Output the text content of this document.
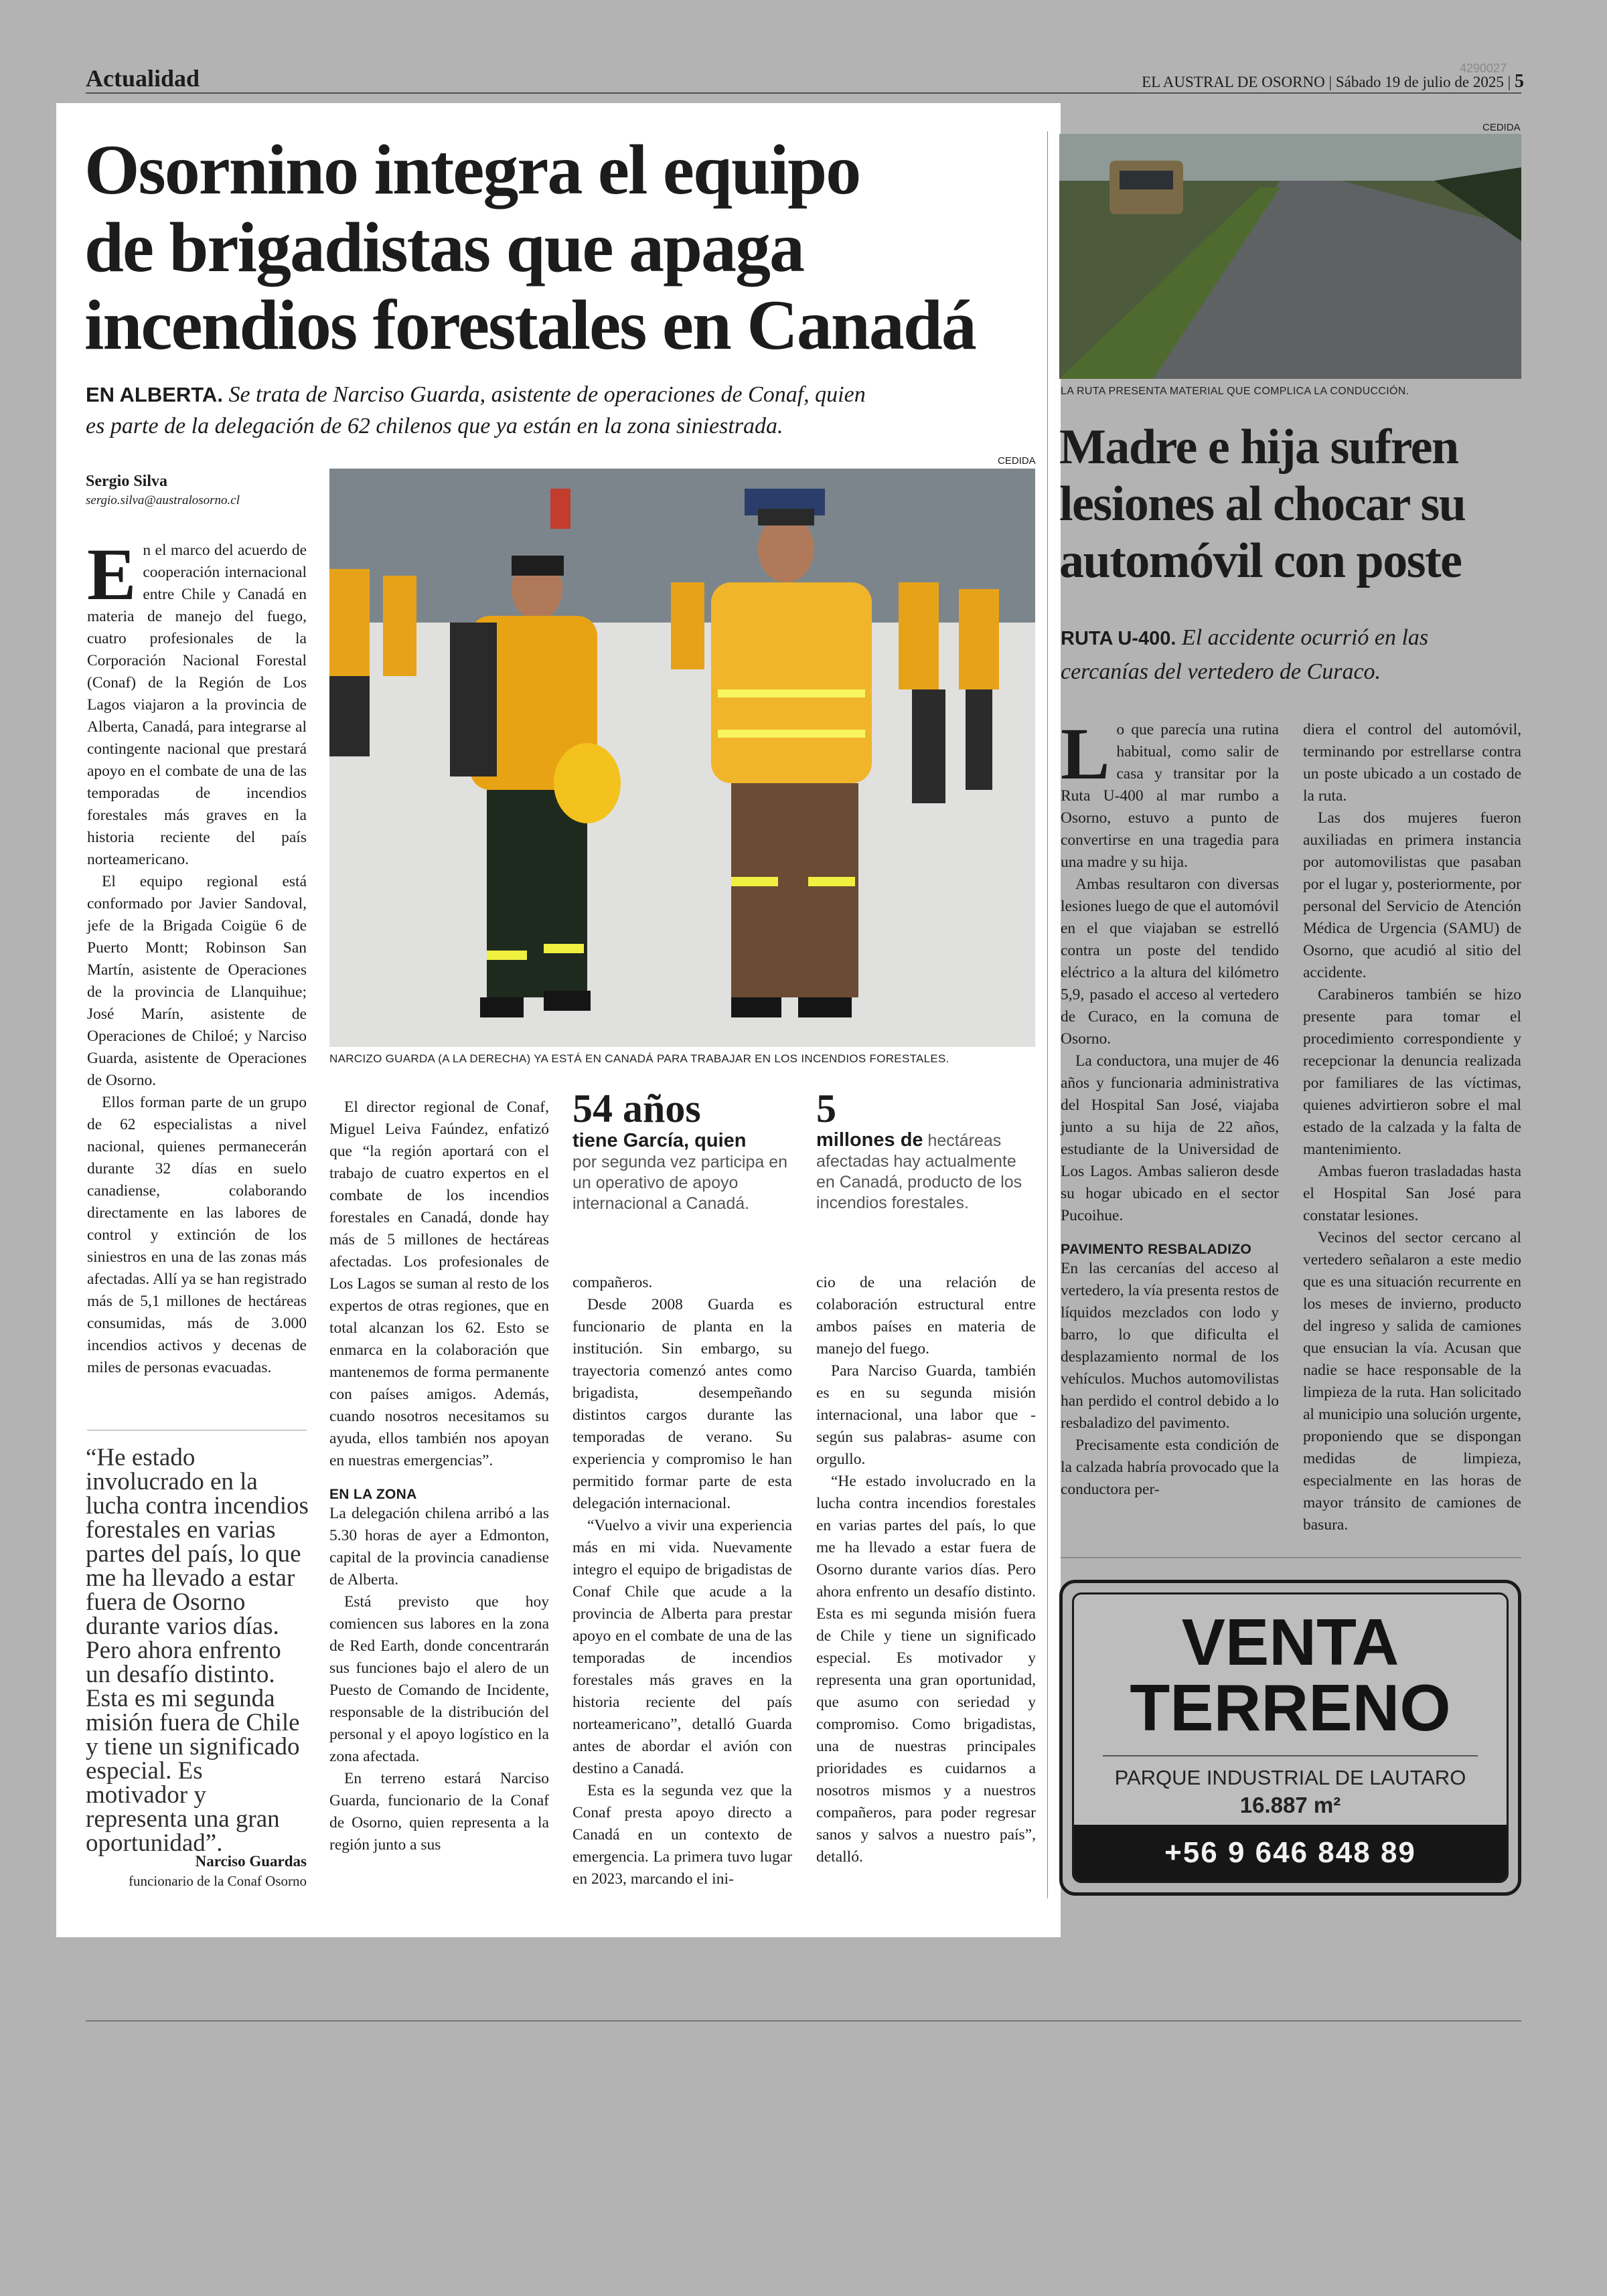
Actualidad	4290027
EL AUSTRAL DE OSORNO | Sábado 19 de julio de 2025 | 5
Osornino integra el equipo
de brigadistas que apaga
incendios forestales en Canadá
EN ALBERTA. Se trata de Narciso Guarda, asistente de operaciones de Conaf, quien
es parte de la delegación de 62 chilenos que ya están en la zona siniestrada.
Sergio Silva
sergio.silva@australosorno.cl
CEDIDA
NARCIZO GUARDA (A LA DERECHA) YA ESTÁ EN CANADÁ PARA TRABAJAR EN LOS INCENDIOS FORESTALES.
E n el marco del acuerdo de cooperación internacional entre Chile y Canadá en materia de manejo del fuego, cuatro profesionales de la Corporación Nacional Forestal (Conaf) de la Región de Los Lagos viajaron a la provincia de Alberta, Canadá, para integrarse al contingente nacional que prestará apoyo en el combate de una de las temporadas de incendios forestales más graves en la historia reciente del país norteamericano.

El equipo regional está conformado por Javier Sandoval, jefe de la Brigada Coigüe 6 de Puerto Montt; Robinson San Martín, asistente de Operaciones de la provincia de Llanquihue; José Marín, asistente de Operaciones de Chiloé; y Narciso Guarda, asistente de Operaciones de Osorno.

Ellos forman parte de un grupo de 62 especialistas a nivel nacional, quienes permanecerán durante 32 días en suelo canadiense, colaborando directamente en las labores de control y extinción de los siniestros en una de las zonas más afectadas. Allí ya se han registrado más de 5,1 millones de hectáreas consumidas, más de 3.000 incendios activos y decenas de miles de personas evacuadas.

“He estado involucrado en la lucha contra incendios forestales en varias partes del país, lo que me ha llevado a estar fuera de Osorno durante varios días. Pero ahora enfrento un desafío distinto. Esta es mi segunda misión fuera de Chile y tiene un significado especial. Es motivador y representa una gran oportunidad”.
Narciso Guardas
funcionario de la Conaf Osorno

El director regional de Conaf, Miguel Leiva Faúndez, enfatizó que “la región aportará con el trabajo de cuatro expertos en el combate de los incendios forestales en Canadá, donde hay más de 5 millones de hectáreas afectadas. Los profesionales de Los Lagos se suman al resto de los expertos de otras regiones, que en total alcanzan los 62. Esto se enmarca en la colaboración que mantenemos de forma permanente con países amigos. Además, cuando nosotros necesitamos su ayuda, ellos también nos apoyan en nuestras emergencias”.

EN LA ZONA

La delegación chilena arribó a las 5.30 horas de ayer a Edmonton, capital de la provincia canadiense de Alberta.

Está previsto que hoy comiencen sus labores en la zona de Red Earth, donde concentrarán sus funciones bajo el alero de un Puesto de Comando de Incidente, responsable de la distribución del personal y el apoyo logístico en la zona afectada.

En terreno estará Narciso Guarda, funcionario de la Conaf de Osorno, quien representa a la región junto a sus

54 años
tiene García, quien
por segunda vez participa en un operativo de apoyo internacional a Canadá.
5
millones de hectáreas afectadas hay actualmente en Canadá, producto de los incendios forestales.

compañeros.

Desde 2008 Guarda es funcionario de planta en la institución. Sin embargo, su trayectoria comenzó antes como brigadista, desempeñando distintos cargos durante las temporadas de verano. Su experiencia y compromiso le han permitido formar parte de esta delegación internacional.

“Vuelvo a vivir una experiencia más en mi vida. Nuevamente integro el equipo de brigadistas de Conaf Chile que acude a la provincia de Alberta para prestar apoyo en el combate de una de las temporadas de incendios forestales más graves en la historia reciente del país norteamericano”, detalló Guarda antes de abordar el avión con destino a Canadá.

Esta es la segunda vez que la Conaf presta apoyo directo a Canadá en un contexto de emergencia. La primera tuvo lugar en 2023, marcando el ini-

cio de una relación de colaboración estructural entre ambos países en materia de manejo del fuego.

Para Narciso Guarda, también es en su segunda misión internacional, una labor que -según sus palabras- asume con orgullo.

“He estado involucrado en la lucha contra incendios forestales en varias partes del país, lo que me ha llevado a estar fuera de Osorno durante varios días. Pero ahora enfrento un desafío distinto. Esta es mi segunda misión fuera de Chile y tiene un significado especial. Es motivador y representa una gran oportunidad, que asumo con seriedad y compromiso. Como brigadistas, una de nuestras principales prioridades es cuidarnos a nosotros mismos y a nuestros compañeros, para poder regresar sanos y salvos a nuestro país”, detalló.

CEDIDA
LA RUTA PRESENTA MATERIAL QUE COMPLICA LA CONDUCCIÓN.
Madre e hija sufren
lesiones al chocar su
automóvil con poste
RUTA U-400. El accidente ocurrió en las
cercanías del vertedero de Curaco.
L o que parecía una rutina habitual, como salir de casa y transitar por la Ruta U-400 al mar rumbo a Osorno, estuvo a punto de convertirse en una tragedia para una madre y su hija.

Ambas resultaron con diversas lesiones luego de que el automóvil en el que viajaban se estrelló contra un poste del tendido eléctrico a la altura del kilómetro 5,9, pasado el acceso al vertedero de Curaco, en la comuna de Osorno.

La conductora, una mujer de 46 años y funcionaria administrativa del Hospital San José, viajaba junto a su hija de 22 años, estudiante de la Universidad de Los Lagos. Ambas salieron desde su hogar ubicado en el sector Pucoihue.

PAVIMENTO RESBALADIZO

En las cercanías del acceso al vertedero, la vía presenta restos de líquidos mezclados con lodo y barro, lo que dificulta el desplazamiento normal de los vehículos. Muchos automovilistas han perdido el control debido a lo resbaladizo del pavimento.

Precisamente esta condición de la calzada habría provocado que la conductora per-

diera el control del automóvil, terminando por estrellarse contra un poste ubicado a un costado de la ruta.

Las dos mujeres fueron auxiliadas en primera instancia por automovilistas que pasaban por el lugar y, posteriormente, por personal del Servicio de Atención Médica de Urgencia (SAMU) de Osorno, que acudió al sitio del accidente.

Carabineros también se hizo presente para tomar el procedimiento correspondiente y recepcionar la denuncia realizada por familiares de las víctimas, quienes advirtieron sobre el mal estado de la calzada y la falta de mantenimiento.

Ambas fueron trasladadas hasta el Hospital San José para constatar lesiones.

Vecinos del sector cercano al vertedero señalaron a este medio que es una situación recurrente en los meses de invierno, producto del ingreso y salida de camiones que ensucian la vía. Acusan que nadie se hace responsable de la limpieza de la ruta. Han solicitado al municipio una solución urgente, proponiendo que se dispongan medidas de limpieza, especialmente en las horas de mayor tránsito de camiones de basura.

VENTA
TERRENO
PARQUE INDUSTRIAL DE LAUTARO
16.887 m²
+56 9 646 848 89
